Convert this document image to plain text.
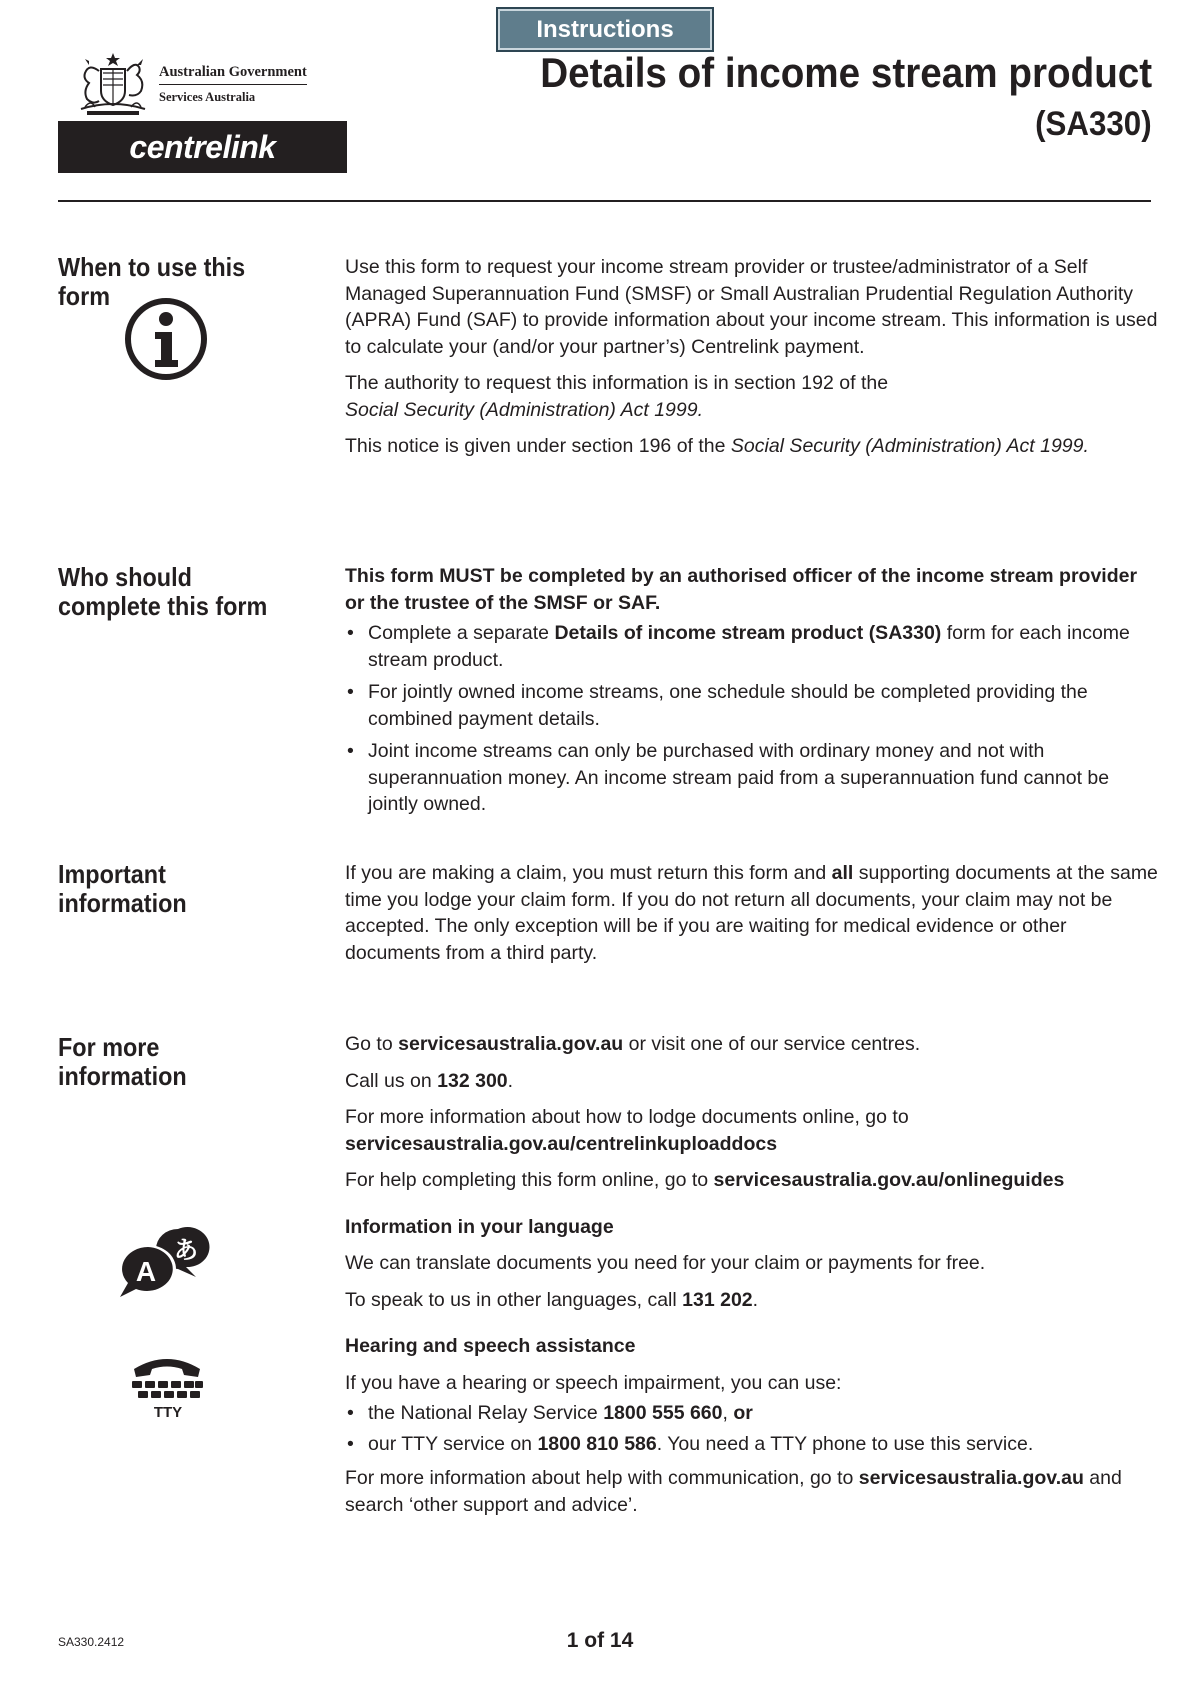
Instructions
Australian Government
Services Australia
centrelink
Details of income stream product
(SA330)
When to use this form

Use this form to request your income stream provider or trustee/administrator of a Self Managed Superannuation Fund (SMSF) or Small Australian Prudential Regulation Authority (APRA) Fund (SAF) to provide information about your income stream. This information is used to calculate your (and/or your partner’s) Centrelink payment.

The authority to request this information is in section 192 of the
Social Security (Administration) Act 1999.

This notice is given under section 196 of the Social Security (Administration) Act 1999.

Who should complete this form

This form MUST be completed by an authorised officer of the income stream provider or the trustee of the SMSF or SAF.

• Complete a separate Details of income stream product (SA330) form for each income stream product.
• For jointly owned income streams, one schedule should be completed providing the combined payment details.
• Joint income streams can only be purchased with ordinary money and not with superannuation money. An income stream paid from a superannuation fund cannot be jointly owned.
Important information

If you are making a claim, you must return this form and all supporting documents at the same time you lodge your claim form. If you do not return all documents, your claim may not be accepted. The only exception will be if you are waiting for medical evidence or other documents from a third party.

For more information

Go to servicesaustralia.gov.au or visit one of our service centres.

Call us on 132 300.

For more information about how to lodge documents online, go to
servicesaustralia.gov.au/centrelinkuploaddocs

For help completing this form online, go to servicesaustralia.gov.au/onlineguides

Information in your language

We can translate documents you need for your claim or payments for free.

To speak to us in other languages, call 131 202.

Hearing and speech assistance

If you have a hearing or speech impairment, you can use:

• the National Relay Service 1800 555 660, or
• our TTY service on 1800 810 586. You need a TTY phone to use this service.

For more information about help with communication, go to servicesaustralia.gov.au and search ‘other support and advice’.

A
あ
TTY
SA330.2412	1 of 14
